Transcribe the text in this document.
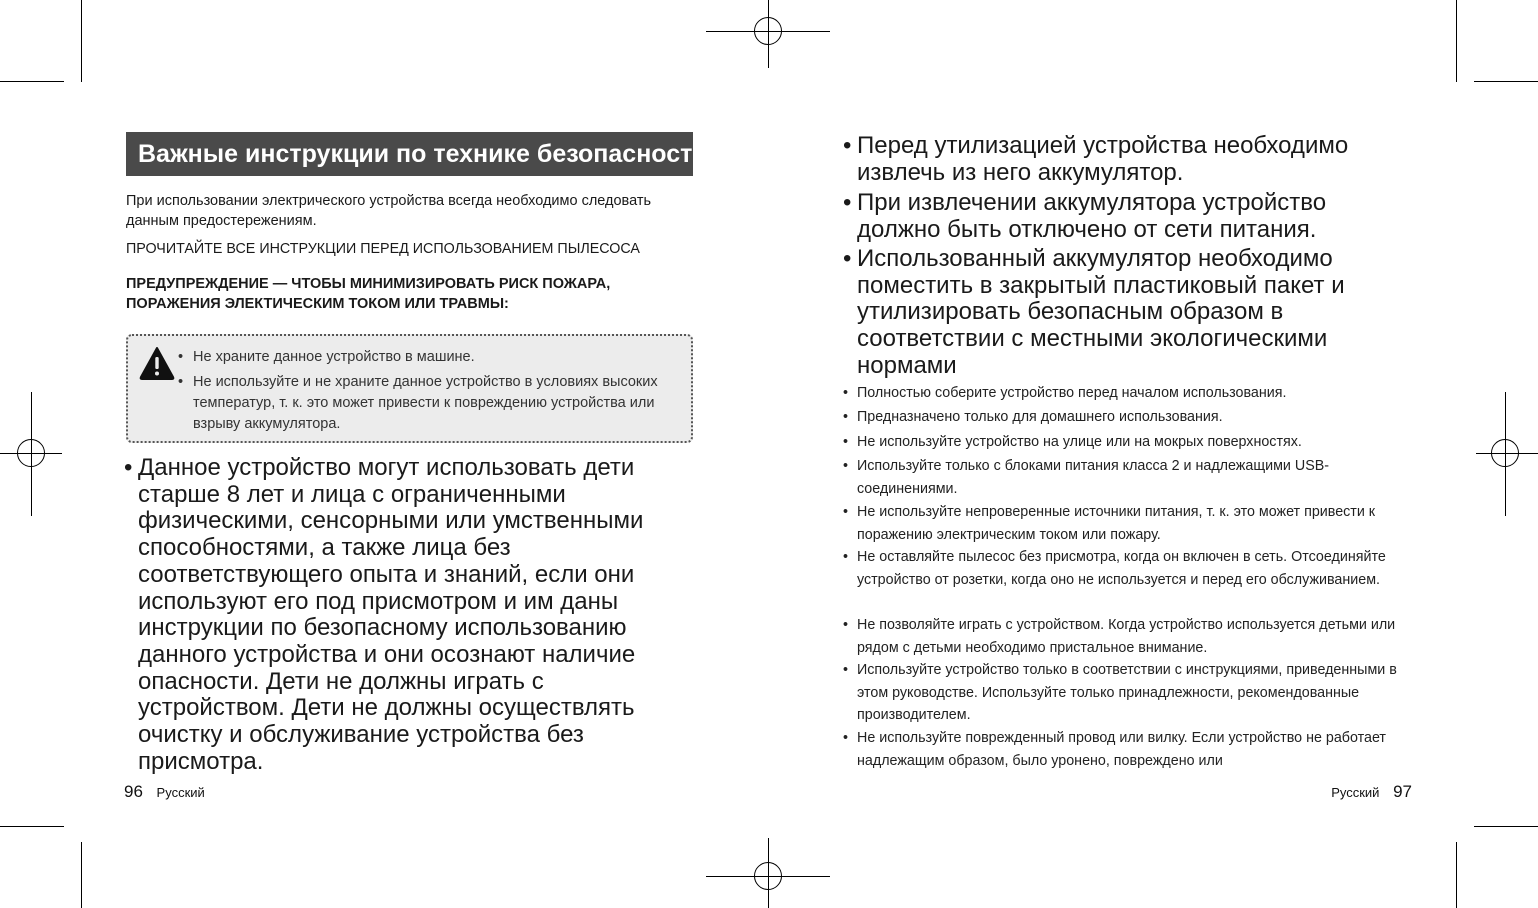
Важные инструкции по технике безопасности
При использовании электрического устройства всегда необходимо следовать данным предостережениям.
ПРОЧИТАЙТЕ ВСЕ ИНСТРУКЦИИ ПЕРЕД ИСПОЛЬЗОВАНИЕМ ПЫЛЕСОСА
ПРЕДУПРЕЖДЕНИЕ — ЧТОБЫ МИНИМИЗИРОВАТЬ РИСК ПОЖАРА, ПОРАЖЕНИЯ ЭЛЕКТИЧЕСКИМ ТОКОМ ИЛИ ТРАВМЫ:
• Не храните данное устройство в машине.
• Не используйте и не храните данное устройство в условиях высоких температур, т. к. это может привести к повреждению устройства или взрыву аккумулятора.
• Данное устройство могут использовать дети старше 8 лет и лица с ограниченными физическими, сенсорными или умственными способностями, а также лица без соответствующего опыта и знаний, если они используют его под присмотром и им даны инструкции по безопасному использованию данного устройства и они осознают наличие опасности. Дети не должны играть с устройством. Дети не должны осуществлять очистку и обслуживание устройства без присмотра.
96 Русский
• Перед утилизацией устройства необходимо извлечь из него аккумулятор.
• При извлечении аккумулятора устройство должно быть отключено от сети питания.
• Использованный аккумулятор необходимо поместить в закрытый пластиковый пакет и утилизировать безопасным образом в соответствии с местными экологическими нормами
• Полностью соберите устройство перед началом использования.
• Предназначено только для домашнего использования.
• Не используйте устройство на улице или на мокрых поверхностях.
• Используйте только с блоками питания класса 2 и надлежащими USB-соединениями.
• Не используйте непроверенные источники питания, т. к. это может привести к поражению электрическим током или пожару.
• Не оставляйте пылесос без присмотра, когда он включен в сеть. Отсоединяйте устройство от розетки, когда оно не используется и перед его обслуживанием.
• Не позволяйте играть с устройством. Когда устройство используется детьми или рядом с детьми необходимо пристальное внимание.
• Используйте устройство только в соответствии с инструкциями, приведенными в этом руководстве. Используйте только принадлежности, рекомендованные производителем.
• Не используйте поврежденный провод или вилку. Если устройство не работает надлежащим образом, было уронено, повреждено или
Русский 97
